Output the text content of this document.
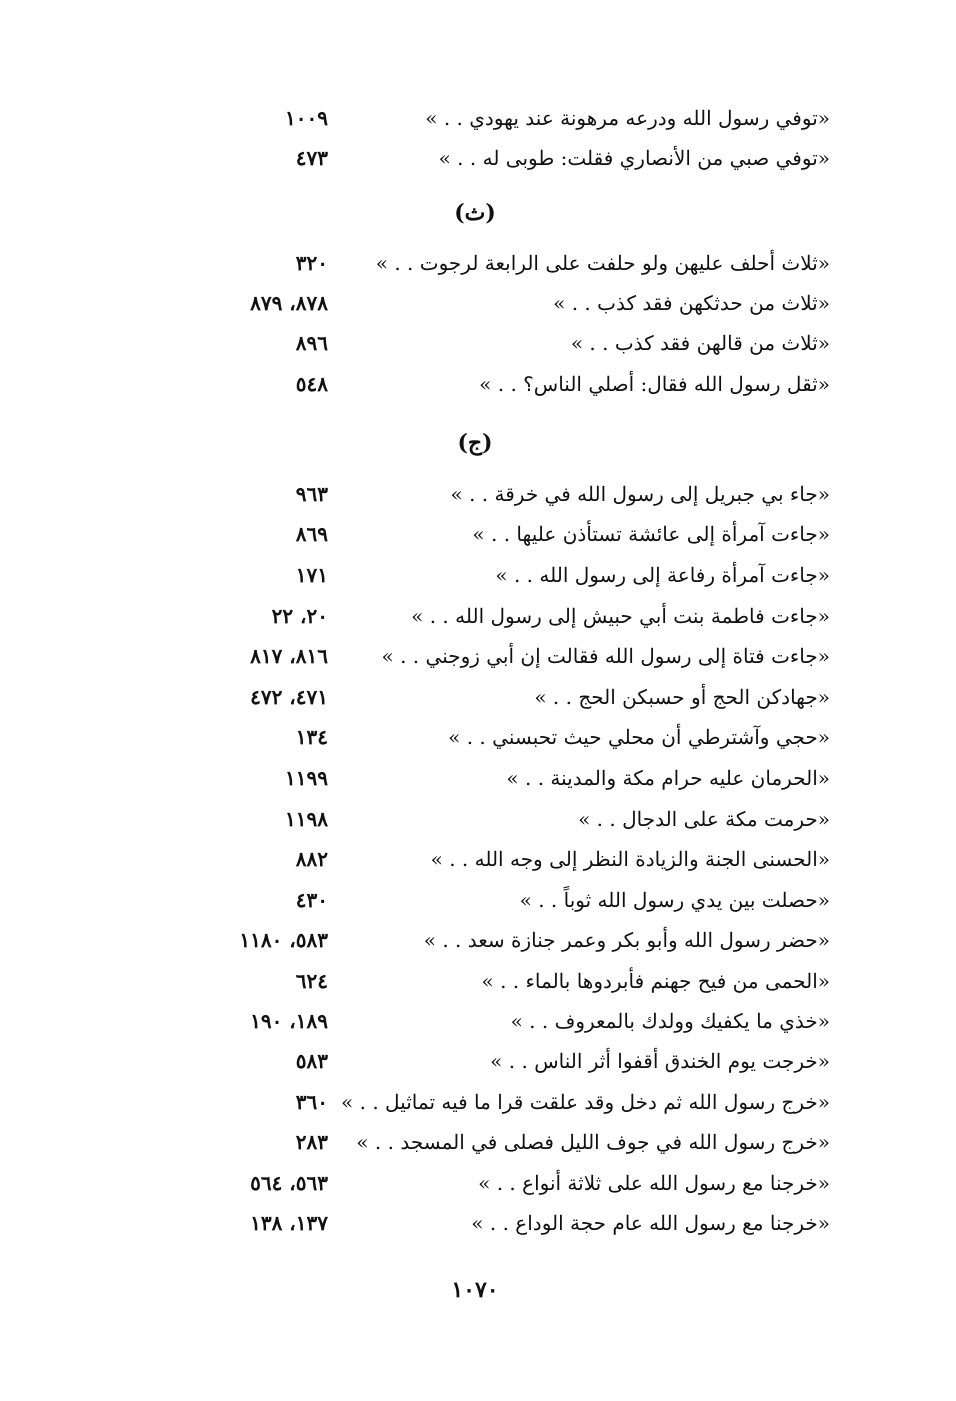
«توفي رسول الله ودرعه مرهونة عند يهودي . . »
١٠٠٩
«توفي صبي من الأنصاري فقلت: طوبى له . . »
٤٧٣
(ث)
«ثلاث أحلف عليهن ولو حلفت على الرابعة لرجوت . . »
٣٢٠
«ثلاث من حدثكهن فقد كذب . . »
٨٧٨، ٨٧٩
«ثلاث من قالهن فقد كذب . . »
٨٩٦
«ثقل رسول الله فقال: أصلي الناس؟ . . »
٥٤٨
(ج)
«جاء بي جبريل إلى رسول الله في خرقة . . »
٩٦٣
«جاءت آمرأة إلى عائشة تستأذن عليها . . »
٨٦٩
«جاءت آمرأة رفاعة إلى رسول الله . . »
١٧١
«جاءت فاطمة بنت أبي حبيش إلى رسول الله . . »
٢٠، ٢٢
«جاءت فتاة إلى رسول الله فقالت إن أبي زوجني . . »
٨١٦، ٨١٧
«جهادكن الحج أو حسبكن الحج . . »
٤٧١، ٤٧٢
«حجي وآشترطي أن محلي حيث تحبسني . . »
١٣٤
«الحرمان عليه حرام مكة والمدينة . . »
١١٩٩
«حرمت مكة على الدجال . . »
١١٩٨
«الحسنى الجنة والزيادة النظر إلى وجه الله . . »
٨٨٢
«حصلت بين يدي رسول الله ثوباً . . »
٤٣٠
«حضر رسول الله وأبو بكر وعمر جنازة سعد . . »
٥٨٣، ١١٨٠
«الحمى من فيح جهنم فأبردوها بالماء . . »
٦٢٤
«خذي ما يكفيك وولدك بالمعروف . . »
١٨٩، ١٩٠
«خرجت يوم الخندق أقفوا أثر الناس . . »
٥٨٣
«خرج رسول الله ثم دخل وقد علقت قرا ما فيه تماثيل . . »
٣٦٠
«خرج رسول الله في جوف الليل فصلى في المسجد . . »
٢٨٣
«خرجنا مع رسول الله على ثلاثة أنواع . . »
٥٦٣، ٥٦٤
«خرجنا مع رسول الله عام حجة الوداع . . »
١٣٧، ١٣٨
١٠٧٠
